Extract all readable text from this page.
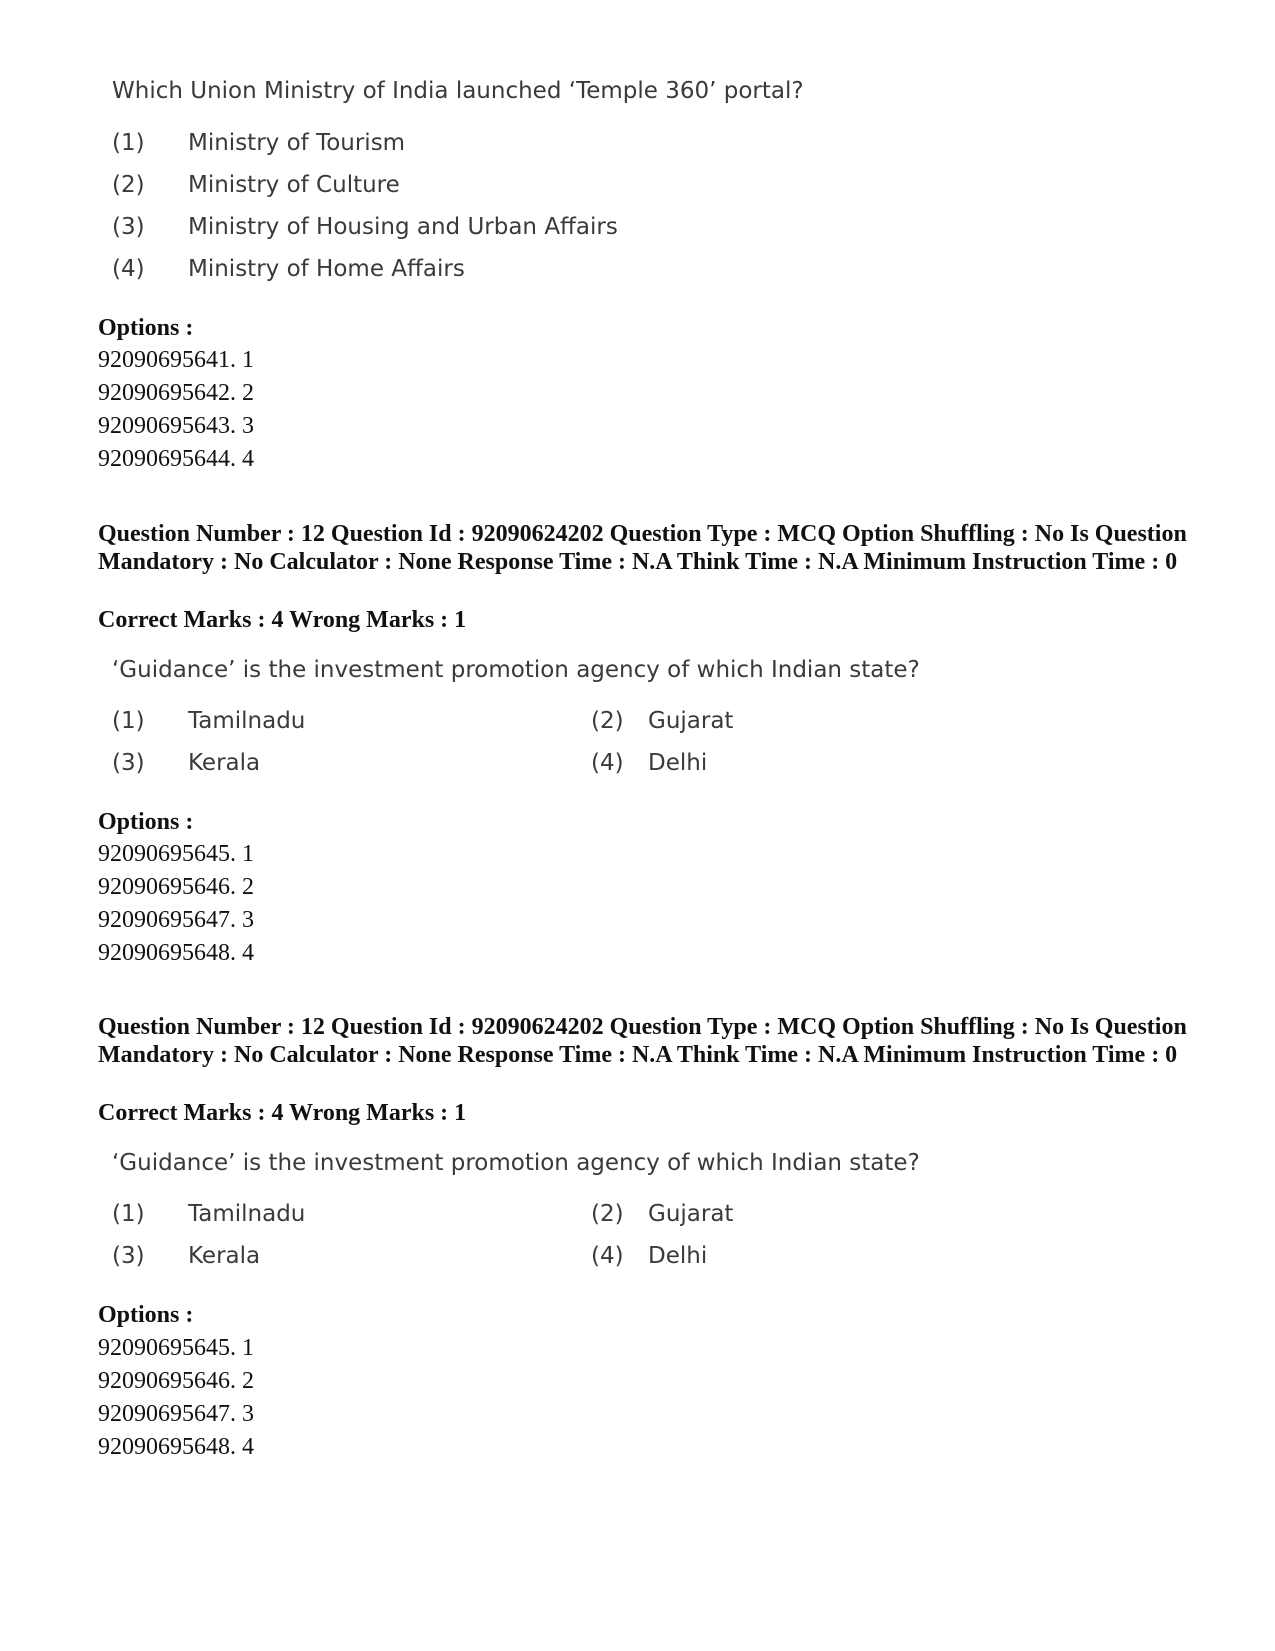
Which Union Ministry of India launched ‘Temple 360’ portal?
(1) Ministry of Tourism
(2) Ministry of Culture
(3) Ministry of Housing and Urban Affairs
(4) Ministry of Home Affairs
Options :
92090695641. 1
92090695642. 2
92090695643. 3
92090695644. 4
Question Number : 12 Question Id : 92090624202 Question Type : MCQ Option Shuffling : No Is Question Mandatory : No Calculator : None Response Time : N.A Think Time : N.A Minimum Instruction Time : 0
Correct Marks : 4 Wrong Marks : 1
‘Guidance’ is the investment promotion agency of which Indian state?
(1) Tamilnadu	(2) Gujarat
(3) Kerala	(4) Delhi
Options :
92090695645. 1
92090695646. 2
92090695647. 3
92090695648. 4
Question Number : 12 Question Id : 92090624202 Question Type : MCQ Option Shuffling : No Is Question Mandatory : No Calculator : None Response Time : N.A Think Time : N.A Minimum Instruction Time : 0
Correct Marks : 4 Wrong Marks : 1
‘Guidance’ is the investment promotion agency of which Indian state?
(1) Tamilnadu	(2) Gujarat
(3) Kerala	(4) Delhi
Options :
92090695645. 1
92090695646. 2
92090695647. 3
92090695648. 4
